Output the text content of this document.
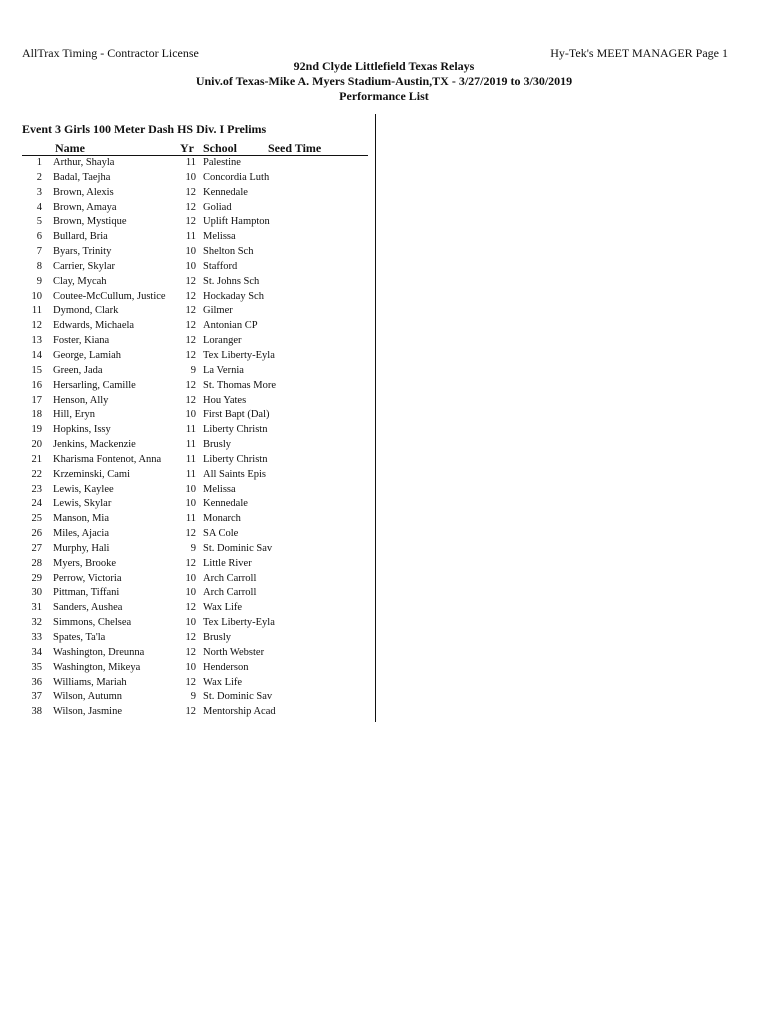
AllTrax Timing - Contractor License	Hy-Tek's MEET MANAGER Page 1
92nd Clyde Littlefield Texas Relays
Univ.of Texas-Mike A. Myers Stadium-Austin,TX - 3/27/2019 to 3/30/2019
Performance List
Event 3 Girls 100 Meter Dash HS Div. I Prelims
Name	Yr School	Seed Time
1 Arthur, Shayla	11 Palestine
2 Badal, Taejha	10 Concordia Luth
3 Brown, Alexis	12 Kennedale
4 Brown, Amaya	12 Goliad
5 Brown, Mystique	12 Uplift Hampton
6 Bullard, Bria	11 Melissa
7 Byars, Trinity	10 Shelton Sch
8 Carrier, Skylar	10 Stafford
9 Clay, Mycah	12 St. Johns Sch
10 Coutee-McCullum, Justice	12 Hockaday Sch
11 Dymond, Clark	12 Gilmer
12 Edwards, Michaela	12 Antonian CP
13 Foster, Kiana	12 Loranger
14 George, Lamiah	12 Tex Liberty-Eyla
15 Green, Jada	9 La Vernia
16 Hersarling, Camille	12 St. Thomas More
17 Henson, Ally	12 Hou Yates
18 Hill, Eryn	10 First Bapt (Dal)
19 Hopkins, Issy	11 Liberty Christn
20 Jenkins, Mackenzie	11 Brusly
21 Kharisma Fontenot, Anna	11 Liberty Christn
22 Krzeminski, Cami	11 All Saints Epis
23 Lewis, Kaylee	10 Melissa
24 Lewis, Skylar	10 Kennedale
25 Manson, Mia	11 Monarch
26 Miles, Ajacia	12 SA Cole
27 Murphy, Hali	9 St. Dominic Sav
28 Myers, Brooke	12 Little River
29 Perrow, Victoria	10 Arch Carroll
30 Pittman, Tiffani	10 Arch Carroll
31 Sanders, Aushea	12 Wax Life
32 Simmons, Chelsea	10 Tex Liberty-Eyla
33 Spates, Ta'la	12 Brusly
34 Washington, Dreunna	12 North Webster
35 Washington, Mikeya	10 Henderson
36 Williams, Mariah	12 Wax Life
37 Wilson, Autumn	9 St. Dominic Sav
38 Wilson, Jasmine	12 Mentorship Acad
